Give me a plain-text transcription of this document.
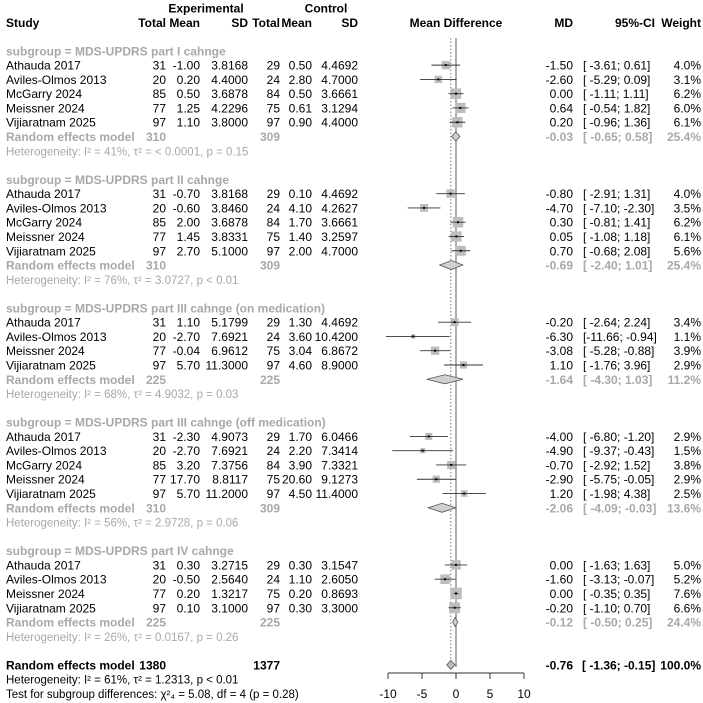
Experimental	Control
Study	Total Mean	SD Total Mean SD	Mean Difference	MD	95%-CI Weight
subgroup = MDS-UPDRS part I cahnge
Athauda 2017	31 -1.00 3.8168 29 0.50 4.4692	-1.50 [ -3.61; 0.61] 4.0%
Aviles-Olmos 2013	20 0.20 4.4000 24 2.80 4.7000	-2.60 [ -5.29; 0.09] 3.1%
McGarry 2024	85 0.50 3.6878 84 0.50 3.6661	0.00 [ -1.11; 1.11] 6.2%
Meissner 2024	77 1.25 4.2296 75 0.61 3.1294	0.64 [ -0.54; 1.82] 6.0%
Vijiaratnam 2025	97 1.10 3.8000 97 0.90 4.4000	0.20 [ -0.96; 1.36] 6.1%
Random effects model 310	309	-0.03 [ -0.65; 0.58] 25.4%
Heterogeneity: I² = 41%, τ² = < 0.0001, p = 0.15
subgroup = MDS-UPDRS part II cahnge
Athauda 2017	31 -0.70 3.8168 29 0.10 4.4692	-0.80 [ -2.91; 1.31] 4.0%
Aviles-Olmos 2013	20 -0.60 3.8460 24 4.10 4.2627	-4.70 [ -7.10; -2.30] 3.5%
McGarry 2024	85 2.00 3.6878 84 1.70 3.6661	0.30 [ -0.81; 1.41] 6.2%
Meissner 2024	77 1.45 3.8331 75 1.40 3.2597	0.05 [ -1.08; 1.18] 6.1%
Vijiaratnam 2025	97 2.70 5.1000 97 2.00 4.7000	0.70 [ -0.68; 2.08] 5.6%
Random effects model 310	309	-0.69 [ -2.40; 1.01] 25.4%
Heterogeneity: I² = 76%, τ² = 3.0727, p < 0.01
subgroup = MDS-UPDRS part III cahnge (on medication)
Athauda 2017	31 1.10 5.1799 29 1.30 4.4692	-0.20 [ -2.64; 2.24] 3.4%
Aviles-Olmos 2013	20 -2.70 7.6921 24 3.60 10.4200	-6.30 [-11.66; -0.94] 1.1%
Meissner 2024	77 -0.04 6.9612 75 3.04 6.8672	-3.08 [ -5.28; -0.88] 3.9%
Vijiaratnam 2025	97 5.70 11.3000 97 4.60 8.9000	1.10 [ -1.76; 3.96] 2.9%
Random effects model 225	225	-1.64 [ -4.30; 1.03] 11.2%
Heterogeneity: I² = 68%, τ² = 4.9032, p = 0.03
subgroup = MDS-UPDRS part III cahnge (off medication)
Athauda 2017	31 -2.30 4.9073 29 1.70 6.0466	-4.00 [ -6.80; -1.20] 2.9%
Aviles-Olmos 2013	20 -2.70 7.6921 24 2.20 7.3414	-4.90 [ -9.37; -0.43] 1.5%
McGarry 2024	85 3.20 7.3756 84 3.90 7.3321	-0.70 [ -2.92; 1.52] 3.8%
Meissner 2024	77 17.70 8.8117 75 20.60 9.1273	-2.90 [ -5.75; -0.05] 2.9%
Vijiaratnam 2025	97 5.70 11.2000 97 4.50 11.4000	1.20 [ -1.98; 4.38] 2.5%
Random effects model 310	309	-2.06 [ -4.09; -0.03] 13.6%
Heterogeneity: I² = 56%, τ² = 2.9728, p = 0.06
subgroup = MDS-UPDRS part IV cahnge
Athauda 2017	31 0.30 3.2715 29 0.30 3.1547	0.00 [ -1.63; 1.63] 5.0%
Aviles-Olmos 2013	20 -0.50 2.5640 24 1.10 2.6050	-1.60 [ -3.13; -0.07] 5.2%
Meissner 2024	77 0.20 1.3217 75 0.20 0.8693	0.00 [ -0.35; 0.35] 7.6%
Vijiaratnam 2025	97 0.10 3.1000 97 0.30 3.3000	-0.20 [ -1.10; 0.70] 6.6%
Random effects model 225	225	-0.12 [ -0.50; 0.25] 24.4%
Heterogeneity: I² = 26%, τ² = 0.0167, p = 0.26
Random effects model 1380	1377	-0.76 [ -1.36; -0.15] 100.0%
Heterogeneity: I² = 61%, τ² = 1.2313, p < 0.01
Test for subgroup differences: χ²₄ = 5.08, df = 4 (p = 0.28)	-10 -5 0 5 10
